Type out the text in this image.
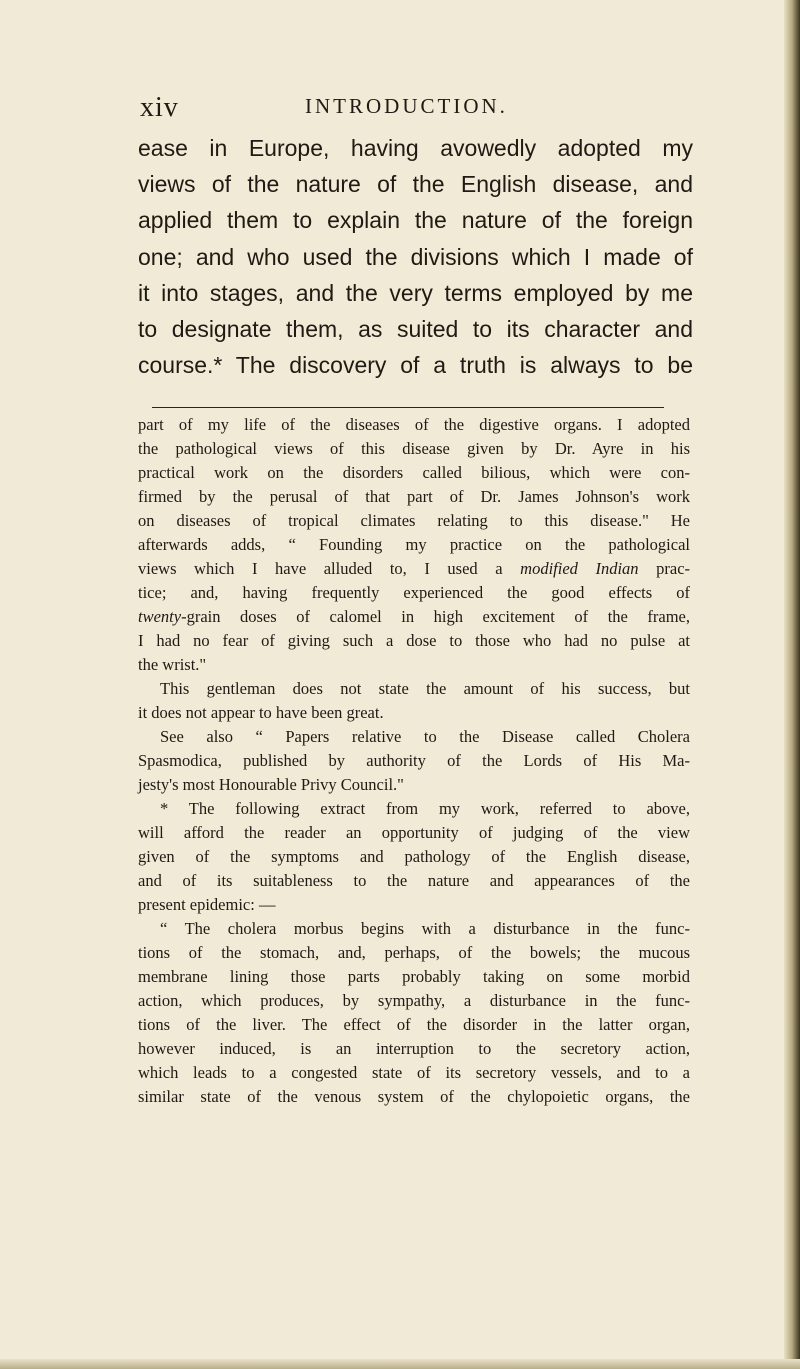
xiv	INTRODUCTION.
ease in Europe, having avowedly adopted my
views of the nature of the English disease, and
applied them to explain the nature of the foreign
one; and who used the divisions which I made of
it into stages, and the very terms employed by me
to designate them, as suited to its character and
course.* The discovery of a truth is always to be
part of my life of the diseases of the digestive organs. I adopted
the pathological views of this disease given by Dr. Ayre in his
practical work on the disorders called bilious, which were con-
firmed by the perusal of that part of Dr. James Johnson's work
on diseases of tropical climates relating to this disease." He
afterwards adds, “ Founding my practice on the pathological
views which I have alluded to, I used a modified Indian prac-
tice; and, having frequently experienced the good effects of
twenty-grain doses of calomel in high excitement of the frame,
I had no fear of giving such a dose to those who had no pulse at
the wrist."
This gentleman does not state the amount of his success, but
it does not appear to have been great.
See also “ Papers relative to the Disease called Cholera
Spasmodica, published by authority of the Lords of His Ma-
jesty's most Honourable Privy Council."
* The following extract from my work, referred to above,
will afford the reader an opportunity of judging of the view
given of the symptoms and pathology of the English disease,
and of its suitableness to the nature and appearances of the
present epidemic: —
“ The cholera morbus begins with a disturbance in the func-
tions of the stomach, and, perhaps, of the bowels; the mucous
membrane lining those parts probably taking on some morbid
action, which produces, by sympathy, a disturbance in the func-
tions of the liver. The effect of the disorder in the latter organ,
however induced, is an interruption to the secretory action,
which leads to a congested state of its secretory vessels, and to a
similar state of the venous system of the chylopoietic organs, the
